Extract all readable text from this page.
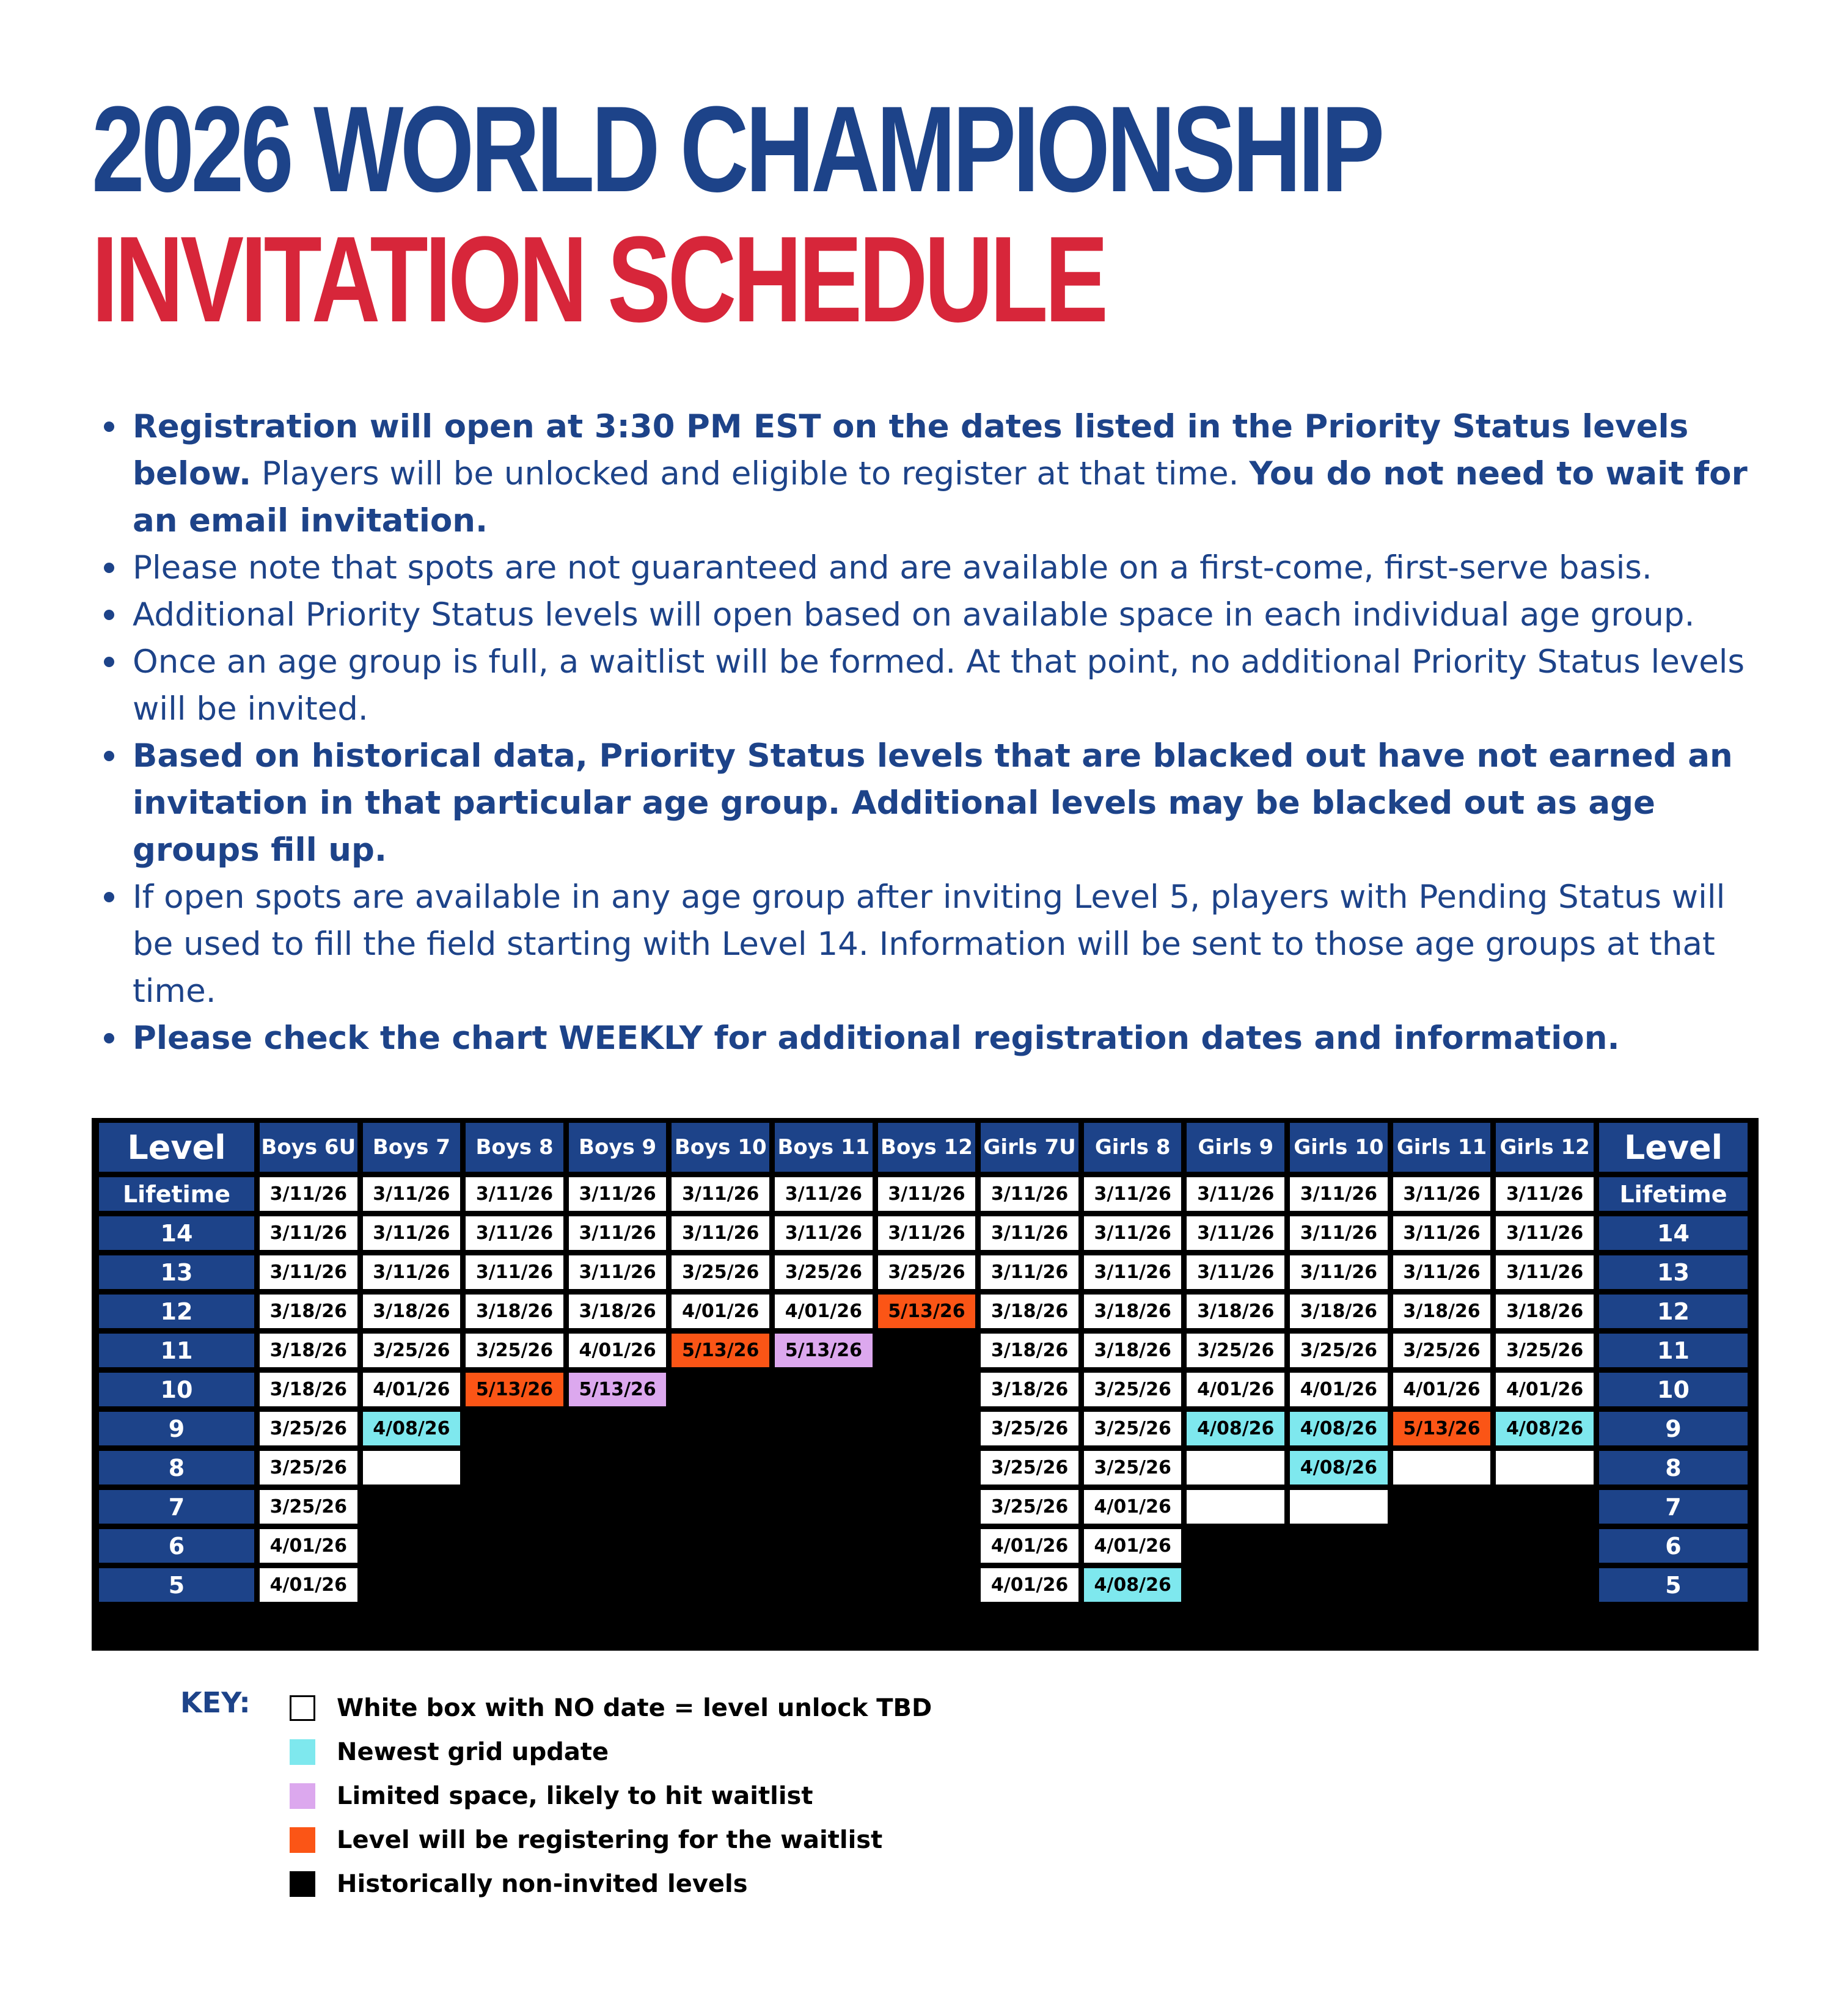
2026 WORLD CHAMPIONSHIP
INVITATION SCHEDULE
Registration will open at 3:30 PM EST on the dates listed in the Priority Status levels below. Players will be unlocked and eligible to register at that time. You do not need to wait for an email invitation.
Please note that spots are not guaranteed and are available on a first-come, first-serve basis.
Additional Priority Status levels will open based on available space in each individual age group.
Once an age group is full, a waitlist will be formed. At that point, no additional Priority Status levels will be invited.
Based on historical data, Priority Status levels that are blacked out have not earned an invitation in that particular age group. Additional levels may be blacked out as age groups fill up.
If open spots are available in any age group after inviting Level 5, players with Pending Status will be used to fill the field starting with Level 14. Information will be sent to those age groups at that time.
Please check the chart WEEKLY for additional registration dates and information.
Level	Boys 6U	Boys 7	Boys 8	Boys 9	Boys 10	Boys 11	Boys 12	Girls 7U	Girls 8	Girls 9	Girls 10	Girls 11	Girls 12	Level
Lifetime	3/11/26	3/11/26	3/11/26	3/11/26	3/11/26	3/11/26	3/11/26	3/11/26	3/11/26	3/11/26	3/11/26	3/11/26	3/11/26	Lifetime
14	3/11/26	3/11/26	3/11/26	3/11/26	3/11/26	3/11/26	3/11/26	3/11/26	3/11/26	3/11/26	3/11/26	3/11/26	3/11/26	14
13	3/11/26	3/11/26	3/11/26	3/11/26	3/25/26	3/25/26	3/25/26	3/11/26	3/11/26	3/11/26	3/11/26	3/11/26	3/11/26	13
12	3/18/26	3/18/26	3/18/26	3/18/26	4/01/26	4/01/26	5/13/26	3/18/26	3/18/26	3/18/26	3/18/26	3/18/26	3/18/26	12
11	3/18/26	3/25/26	3/25/26	4/01/26	5/13/26	5/13/26		3/18/26	3/18/26	3/25/26	3/25/26	3/25/26	3/25/26	11
10	3/18/26	4/01/26	5/13/26	5/13/26				3/18/26	3/25/26	4/01/26	4/01/26	4/01/26	4/01/26	10
9	3/25/26	4/08/26						3/25/26	3/25/26	4/08/26	4/08/26	5/13/26	4/08/26	9
8	3/25/26							3/25/26	3/25/26		4/08/26			8
7	3/25/26							3/25/26	4/01/26					7
6	4/01/26							4/01/26	4/01/26					6
5	4/01/26							4/01/26	4/08/26					5
KEY:	White box with NO date = level unlock TBD
Newest grid update
Limited space, likely to hit waitlist
Level will be registering for the waitlist
Historically non-invited levels
